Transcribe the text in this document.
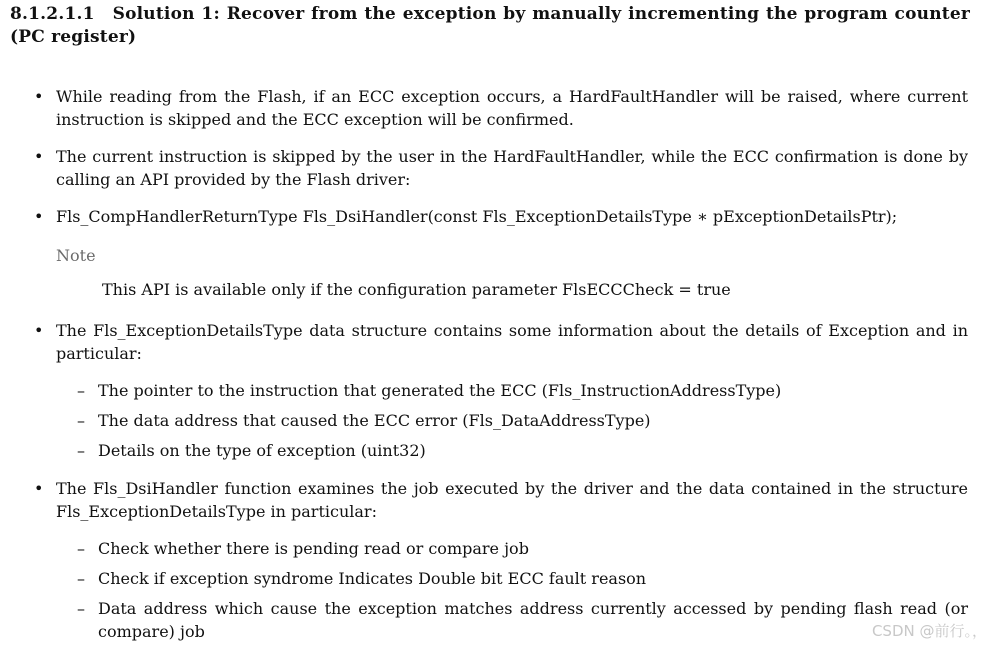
8.1.2.1.1 Solution 1: Recover from the exception by manually incrementing the program counter (PC register)
• While reading from the Flash, if an ECC exception occurs, a HardFaultHandler will be raised, where current instruction is skipped and the ECC exception will be confirmed.
• The current instruction is skipped by the user in the HardFaultHandler, while the ECC confirmation is done by calling an API provided by the Flash driver:
• Fls_CompHandlerReturnType Fls_DsiHandler(const Fls_ExceptionDetailsType ∗ pExceptionDetailsPtr);
Note
This API is available only if the configuration parameter FlsECCCheck = true
• The Fls_ExceptionDetailsType data structure contains some information about the details of Exception and in particular:
– The pointer to the instruction that generated the ECC (Fls_InstructionAddressType)
– The data address that caused the ECC error (Fls_DataAddressType)
– Details on the type of exception (uint32)
• The Fls_DsiHandler function examines the job executed by the driver and the data contained in the structure Fls_ExceptionDetailsType in particular:
– Check whether there is pending read or compare job
– Check if exception syndrome Indicates Double bit ECC fault reason
– Data address which cause the exception matches address currently accessed by pending flash read (or compare) job	CSDN @前行。，
